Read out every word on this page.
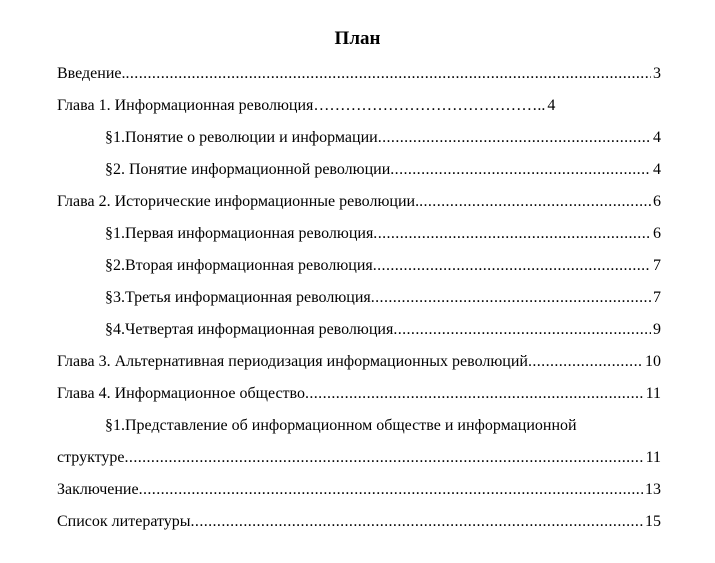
План
Введение. .....	3
Глава 1. Информационная революция…………………………………….. 4
§1.Понятие о революции и информации .....	4
§2. Понятие информационной революции .....	4
Глава 2. Исторические информационные революции. .....	6
§1.Первая информационная революция .....	6
§2.Вторая информационная революция .....	7
§3.Третья информационная революция .....	7
§4.Четвертая информационная революция .....	9
Глава 3. Альтернативная периодизация информационных революций .....	10
Глава 4. Информационное общество .....	11
§1.Представление об информационном обществе и информационной
структуре .....	11
Заключение .....	13
Список литературы .....	15
